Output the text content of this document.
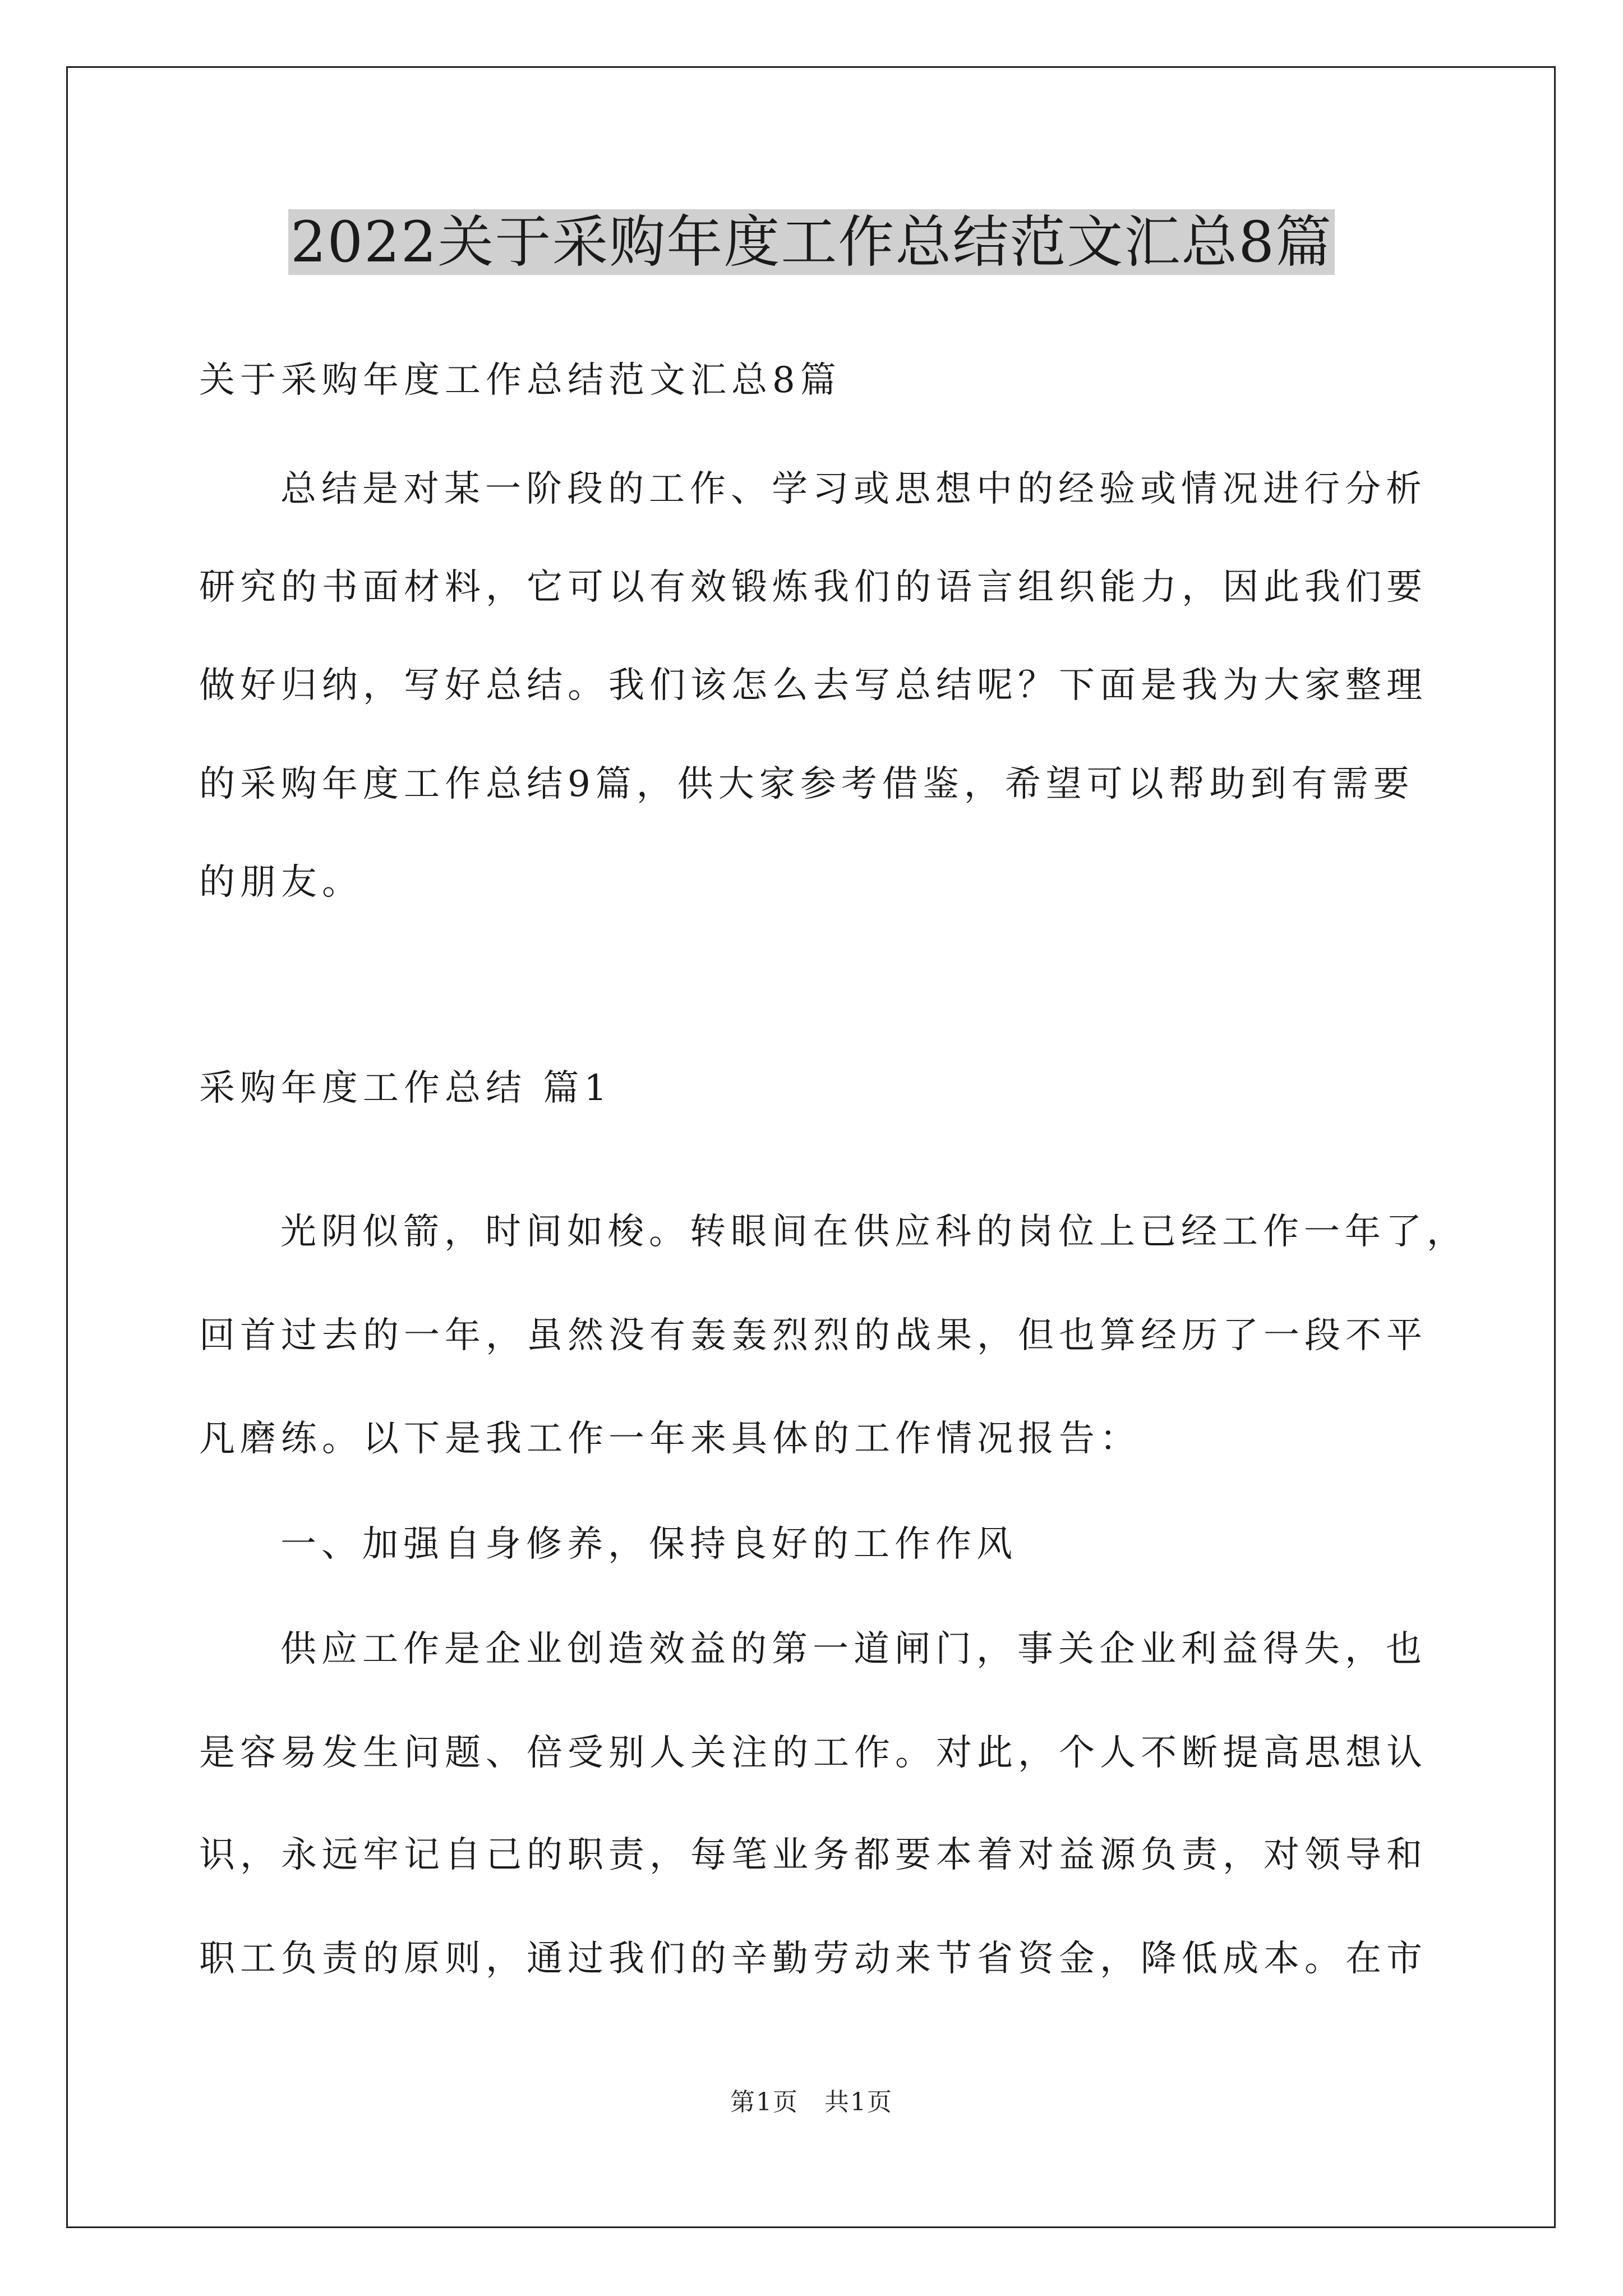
2022关于采购年度工作总结范文汇总8篇
关于采购年度工作总结范文汇总8篇
总结是对某一阶段的工作、学习或思想中的经验或情况进行分析
研究的书面材料，它可以有效锻炼我们的语言组织能力，因此我们要
做好归纳，写好总结。我们该怎么去写总结呢？下面是我为大家整理
的采购年度工作总结9篇，供大家参考借鉴，希望可以帮助到有需要
的朋友。
采购年度工作总结 篇1
光阴似箭，时间如梭。转眼间在供应科的岗位上已经工作一年了，
回首过去的一年，虽然没有轰轰烈烈的战果，但也算经历了一段不平
凡磨练。以下是我工作一年来具体的工作情况报告：
一、加强自身修养，保持良好的工作作风
供应工作是企业创造效益的第一道闸门，事关企业利益得失，也
是容易发生问题、倍受别人关注的工作。对此，个人不断提高思想认
识，永远牢记自己的职责，每笔业务都要本着对益源负责，对领导和
职工负责的原则，通过我们的辛勤劳动来节省资金，降低成本。在市
第1页　共1页
